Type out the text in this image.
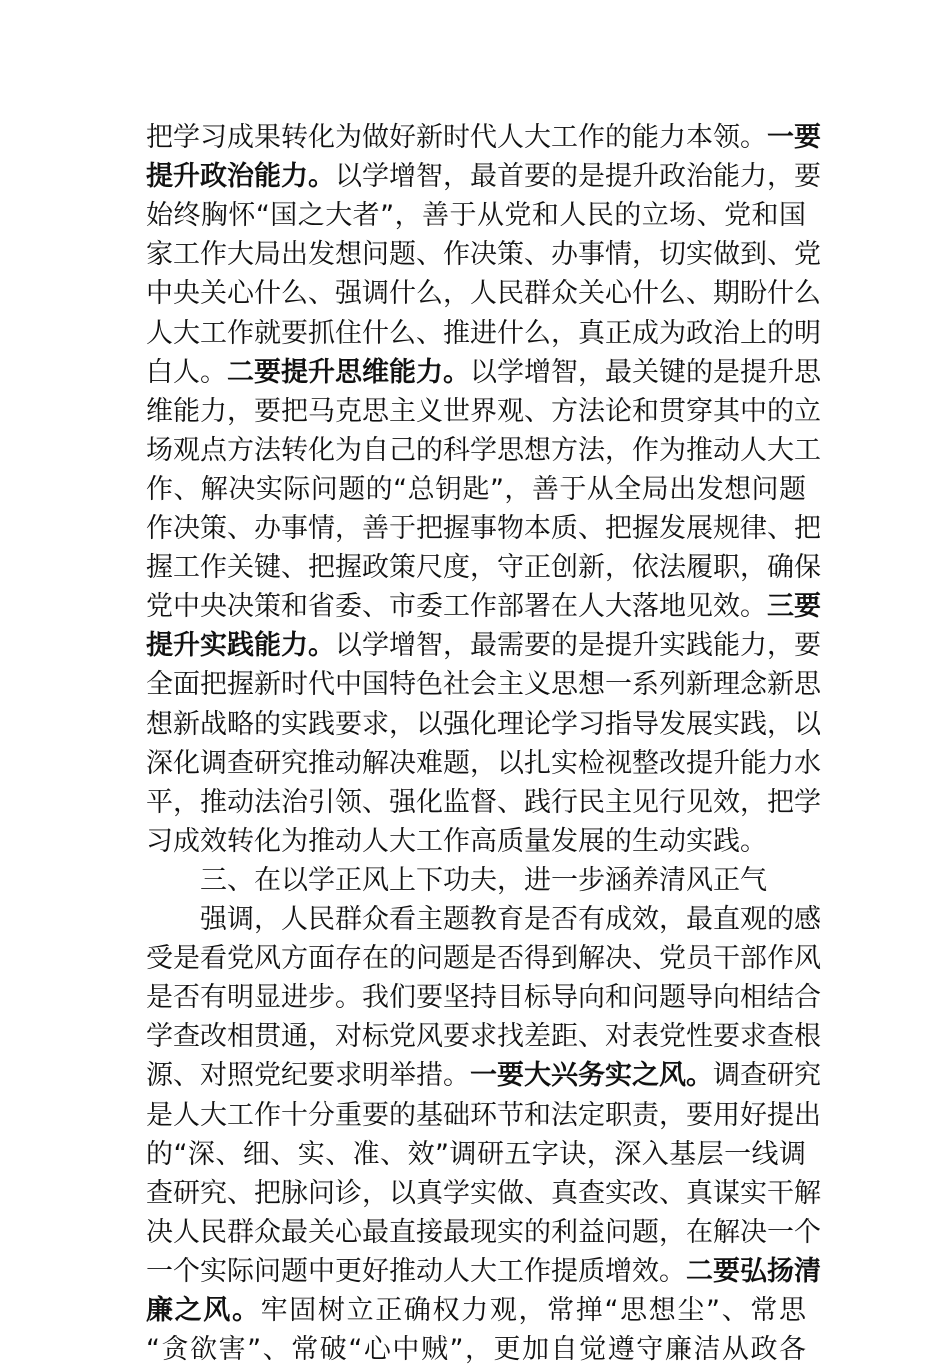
把学习成果转化为做好新时代人大工作的能力本领。一要
提升政治能力。以学增智，最首要的是提升政治能力，要
始终胸怀“国之大者”，善于从党和人民的立场、党和国
家工作大局出发想问题、作决策、办事情，切实做到、党
中央关心什么、强调什么，人民群众关心什么、期盼什么
人大工作就要抓住什么、推进什么，真正成为政治上的明
白人。二要提升思维能力。以学增智，最关键的是提升思
维能力，要把马克思主义世界观、方法论和贯穿其中的立
场观点方法转化为自己的科学思想方法，作为推动人大工
作、解决实际问题的“总钥匙”，善于从全局出发想问题
作决策、办事情，善于把握事物本质、把握发展规律、把
握工作关键、把握政策尺度，守正创新，依法履职，确保
党中央决策和省委、市委工作部署在人大落地见效。三要
提升实践能力。以学增智，最需要的是提升实践能力，要
全面把握新时代中国特色社会主义思想一系列新理念新思
想新战略的实践要求，以强化理论学习指导发展实践，以
深化调查研究推动解决难题，以扎实检视整改提升能力水
平，推动法治引领、强化监督、践行民主见行见效，把学
习成效转化为推动人大工作高质量发展的生动实践。
三、在以学正风上下功夫，进一步涵养清风正气
强调，人民群众看主题教育是否有成效，最直观的感
受是看党风方面存在的问题是否得到解决、党员干部作风
是否有明显进步。我们要坚持目标导向和问题导向相结合
学查改相贯通，对标党风要求找差距、对表党性要求查根
源、对照党纪要求明举措。一要大兴务实之风。调查研究
是人大工作十分重要的基础环节和法定职责，要用好提出
的“深、细、实、准、效”调研五字诀，深入基层一线调
查研究、把脉问诊，以真学实做、真查实改、真谋实干解
决人民群众最关心最直接最现实的利益问题，在解决一个
一个实际问题中更好推动人大工作提质增效。二要弘扬清
廉之风。牢固树立正确权力观，常掸“思想尘”、常思
“贪欲害”、常破“心中贼”，更加自觉遵守廉洁从政各
